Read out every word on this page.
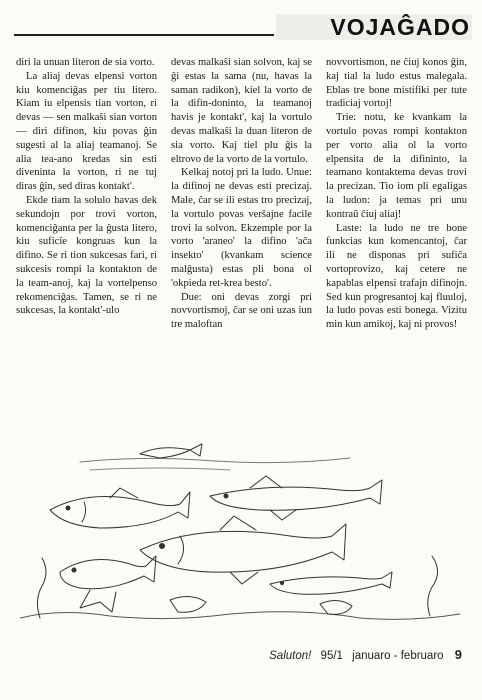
VOJAĜADO

diri la unuan literon de sia vorto.

La aliaj devas elpensi vorton kiu komenciĝas per tiu litero. Kiam iu elpensis tian vorton, ri devas — sen malkaŝi sian vorton — diri difinon, kiu povas ĝin sugesti al la aliaj teamanoj. Se alia tea-ano kredas sin esti diveninta la vorton, ri ne tuj diras ĝin, sed diras kontakt'.

Ekde tiam la solulo havas dek sekundojn por trovi vorton, komenciĝanta per la ĝusta litero, kiu suficîe kongruas kun la difino. Se ri tion sukcesas fari, ri sukcesis rompi la kontakton de la team-anoj, kaj la vortelpenso rekomenciĝas. Tamen, se ri ne sukcesas, la kontakt'-ulo

devas malkaŝi sian solvon, kaj se ĝi estas la sama (nu, havas la saman radikon), kiel la vorto de la difin-doninto, la teamanoj havis je kontakt', kaj la vortulo devas malkaŝi la duan literon de sia vorto. Kaj tiel plu ĝis la eltrovo de la vorto de la vortulo.

Kelkaj notoj pri la ludo. Unue: la difinoj ne devas esti precizaj. Male, ĉar se ili estas tro precizaj, la vortulo povas veršajne facile trovi la solvon. Ekzemple por la vorto 'araneo' la difino 'aĉa insekto' (kvankam science malĝusta) estas pli bona ol 'okpieda ret-krea besto'.

Due: oni devas zorgi pri novvortismoj, ĉar se oni uzas iun tre maloftan

novvortismon, ne ĉiuj konos ĝin, kaj tial la ludo estus malegala. Eblas tre bone mistifiki per tute tradiciaj vortoj!

Trie: notu, ke kvankam la vortulo povas rompi kontakton per vorto alia ol la vorto elpensita de la difininto, la teamano kontaktema devas trovi la precizan. Tio iom pli egaligas la ludon: ja temas pri unu kontraŭ ĉiuj aliaj!

Laste: la ludo ne tre bone funkcias kun komencantoj, ĉar ili ne disponas pri sufiĉa vortoprovizo, kaj cetere ne kapablas elpensi trafajn difinojn. Sed kun progresantoj kaj fluuloj, la ludo povas esti bonega. Vizitu min kun amikoj, kaj ni provos!

Saluton! 95/1 januaro - februaro 9
